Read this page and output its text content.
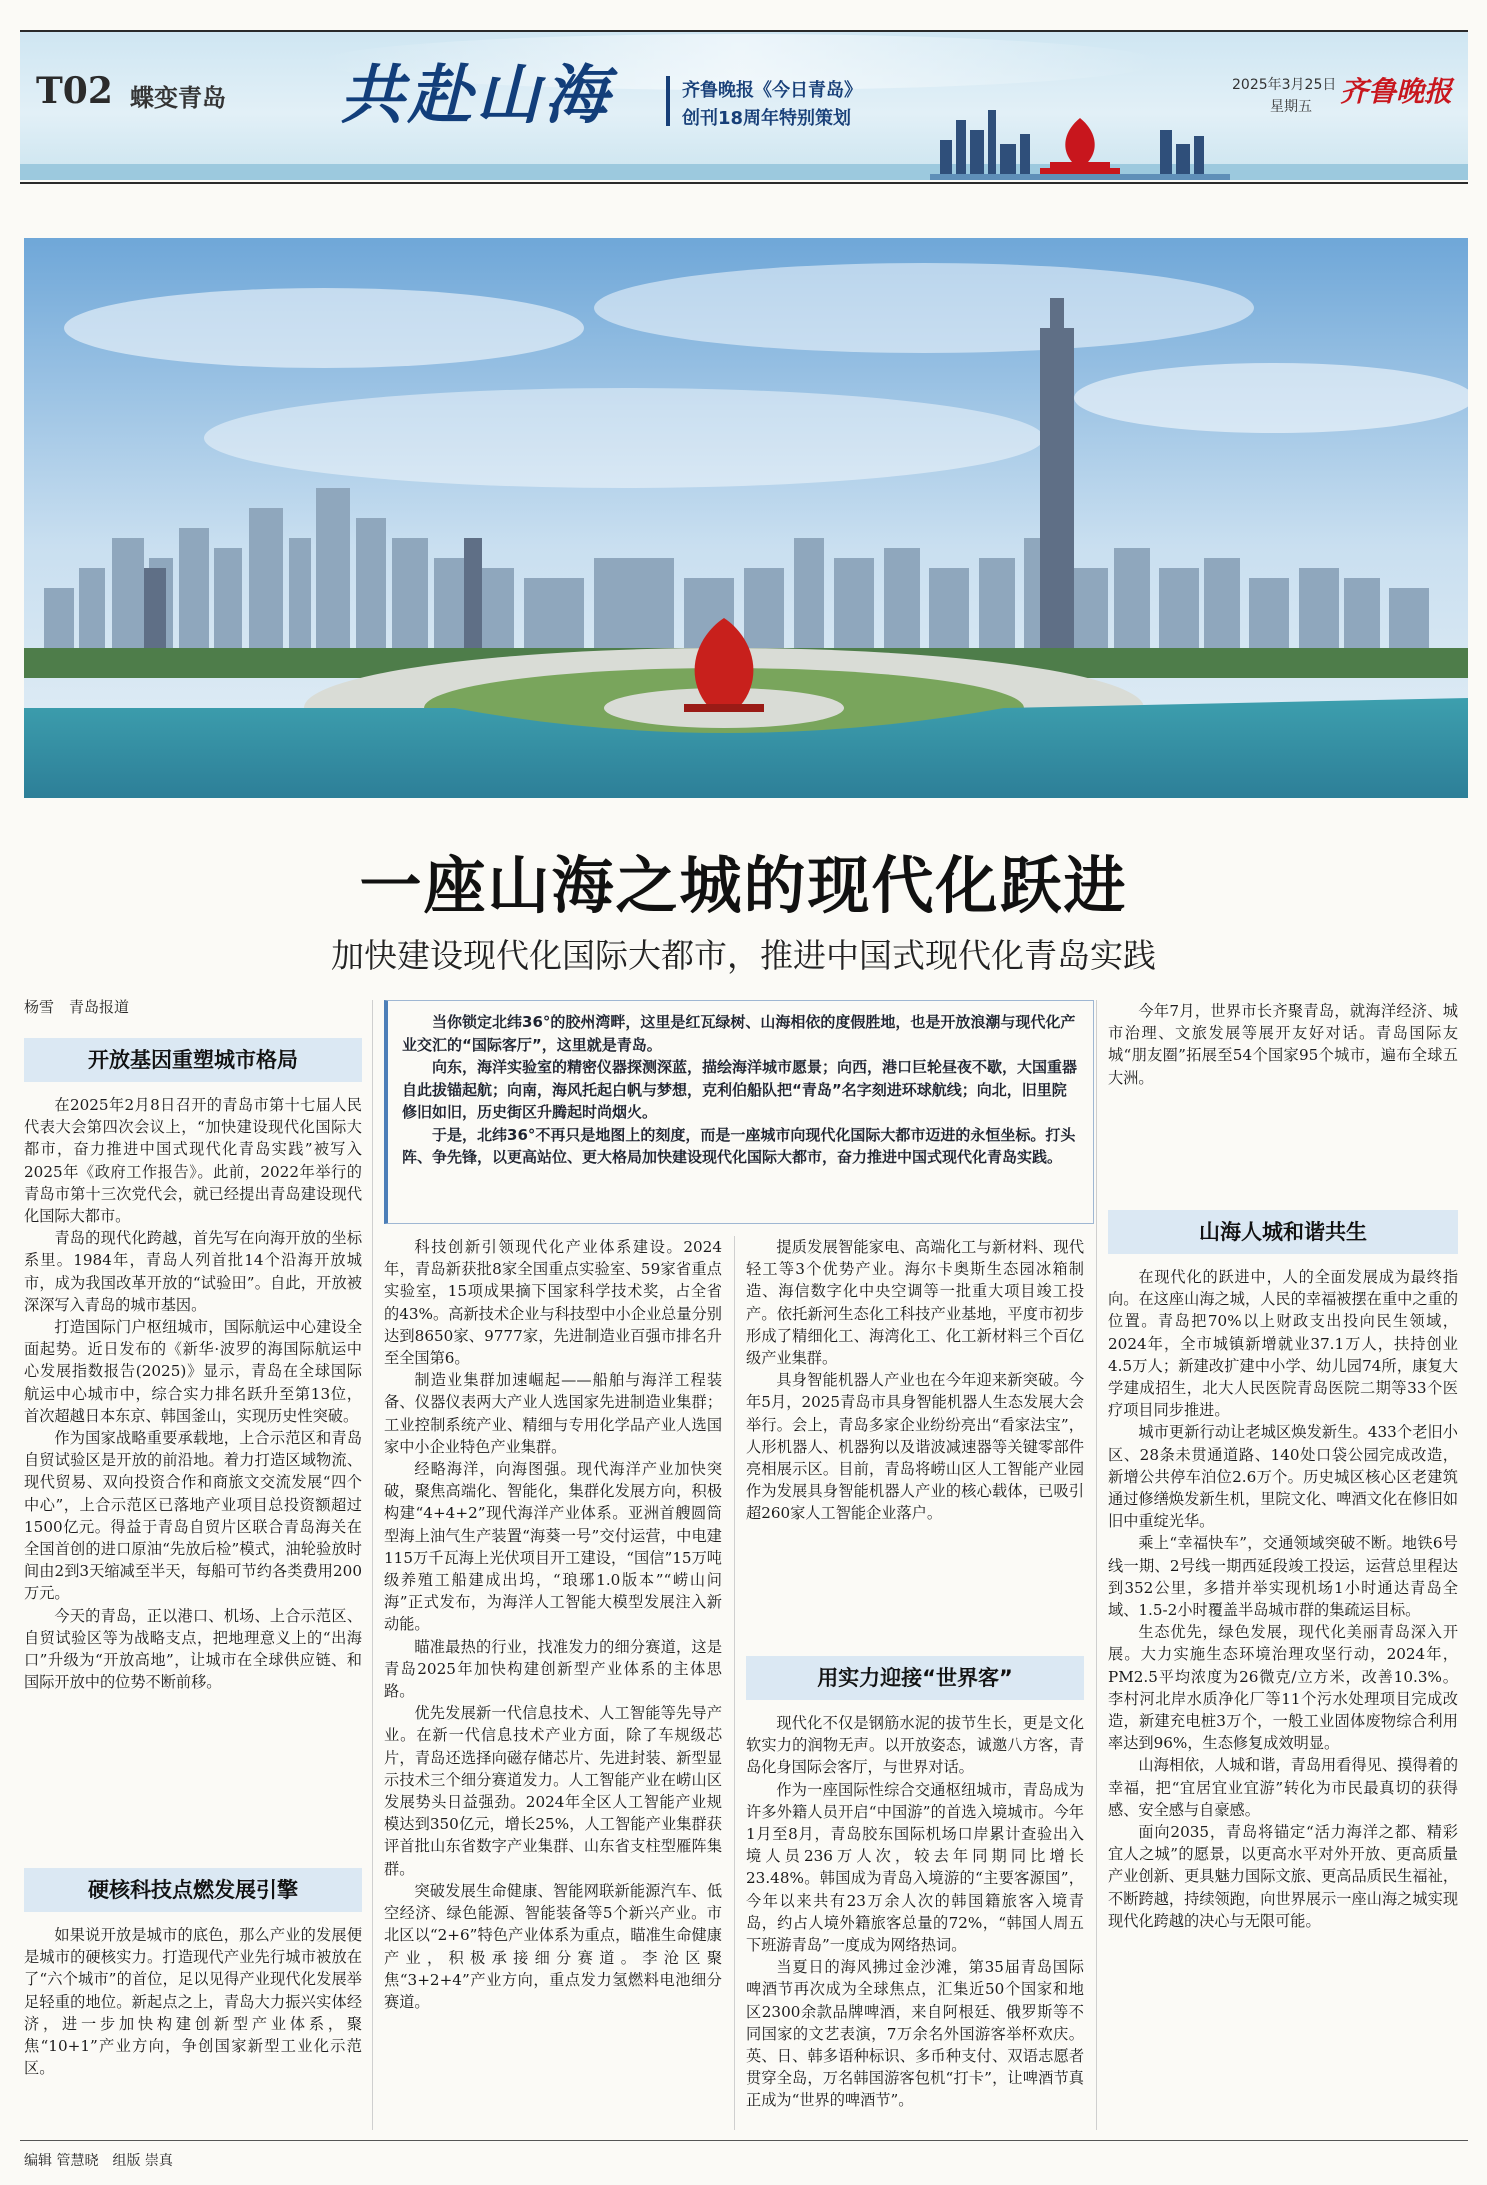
T02 蝶变青岛 共赴山海	齐鲁晚报《今日青岛》
创刊18周年特别策划
2025年3月25日
星期五 齐鲁晚报
一座山海之城的现代化跃进
加快建设现代化国际大都市，推进中国式现代化青岛实践
杨雪　青岛报道

当你锁定北纬36°的胶州湾畔，这里是红瓦绿树、山海相依的度假胜地，也是开放浪潮与现代化产业交汇的“国际客厅”，这里就是青岛。

向东，海洋实验室的精密仪器探测深蓝，描绘海洋城市愿景；向西，港口巨轮昼夜不歇，大国重器自此拔锚起航；向南，海风托起白帆与梦想，克利伯船队把“青岛”名字刻进环球航线；向北，旧里院修旧如旧，历史街区升腾起时尚烟火。

于是，北纬36°不再只是地图上的刻度，而是一座城市向现代化国际大都市迈进的永恒坐标。打头阵、争先锋，以更高站位、更大格局加快建设现代化国际大都市，奋力推进中国式现代化青岛实践。

开放基因重塑城市格局

在2025年2月8日召开的青岛市第十七届人民代表大会第四次会议上，“加快建设现代化国际大都市，奋力推进中国式现代化青岛实践”被写入2025年《政府工作报告》。此前，2022年举行的青岛市第十三次党代会，就已经提出青岛建设现代化国际大都市。

青岛的现代化跨越，首先写在向海开放的坐标系里。1984年，青岛人列首批14个沿海开放城市，成为我国改革开放的“试验田”。自此，开放被深深写入青岛的城市基因。

打造国际门户枢纽城市，国际航运中心建设全面起势。近日发布的《新华·波罗的海国际航运中心发展指数报告(2025)》显示，青岛在全球国际航运中心城市中，综合实力排名跃升至第13位，首次超越日本东京、韩国釜山，实现历史性突破。

作为国家战略重要承载地，上合示范区和青岛自贸试验区是开放的前沿地。着力打造区域物流、现代贸易、双向投资合作和商旅文交流发展“四个中心”，上合示范区已落地产业项目总投资额超过1500亿元。得益于青岛自贸片区联合青岛海关在全国首创的进口原油“先放后检”模式，油轮验放时间由2到3天缩减至半天，每船可节约各类费用200万元。

今天的青岛，正以港口、机场、上合示范区、自贸试验区等为战略支点，把地理意义上的“出海口”升级为“开放高地”，让城市在全球供应链、和国际开放中的位势不断前移。

硬核科技点燃发展引擎

如果说开放是城市的底色，那么产业的发展便是城市的硬核实力。打造现代产业先行城市被放在了“六个城市”的首位，足以见得产业现代化发展举足轻重的地位。新起点之上，青岛大力振兴实体经济，进一步加快构建创新型产业体系，聚焦“10+1”产业方向，争创国家新型工业化示范区。

科技创新引领现代化产业体系建设。2024年，青岛新获批8家全国重点实验室、59家省重点实验室，15项成果摘下国家科学技术奖，占全省的43%。高新技术企业与科技型中小企业总量分别达到8650家、9777家，先进制造业百强市排名升至全国第6。

制造业集群加速崛起——船舶与海洋工程装备、仪器仪表两大产业人选国家先进制造业集群；工业控制系统产业、精细与专用化学品产业人选国家中小企业特色产业集群。

经略海洋，向海图强。现代海洋产业加快突破，聚焦高端化、智能化，集群化发展方向，积极构建“4+4+2”现代海洋产业体系。亚洲首艘圆筒型海上油气生产装置“海葵一号”交付运营，中电建115万千瓦海上光伏项目开工建设，“国信”15万吨级养殖工船建成出坞，“琅琊1.0版本”“崂山问海”正式发布，为海洋人工智能大模型发展注入新动能。

瞄准最热的行业，找准发力的细分赛道，这是青岛2025年加快构建创新型产业体系的主体思路。

优先发展新一代信息技术、人工智能等先导产业。在新一代信息技术产业方面，除了车规级芯片，青岛还选择向磁存储芯片、先进封装、新型显示技术三个细分赛道发力。人工智能产业在崂山区发展势头日益强劲。2024年全区人工智能产业规模达到350亿元，增长25%，人工智能产业集群获评首批山东省数字产业集群、山东省支柱型雁阵集群。

突破发展生命健康、智能网联新能源汽车、低空经济、绿色能源、智能装备等5个新兴产业。市北区以“2+6”特色产业体系为重点，瞄准生命健康产业，积极承接细分赛道。李沧区聚焦“3+2+4”产业方向，重点发力氢燃料电池细分赛道。

提质发展智能家电、高端化工与新材料、现代轻工等3个优势产业。海尔卡奥斯生态园冰箱制造、海信数字化中央空调等一批重大项目竣工投产。依托新河生态化工科技产业基地，平度市初步形成了精细化工、海湾化工、化工新材料三个百亿级产业集群。

具身智能机器人产业也在今年迎来新突破。今年5月，2025青岛市具身智能机器人生态发展大会举行。会上，青岛多家企业纷纷亮出“看家法宝”，人形机器人、机器狗以及谐波减速器等关键零部件亮相展示区。目前，青岛将崂山区人工智能产业园作为发展具身智能机器人产业的核心载体，已吸引超260家人工智能企业落户。

用实力迎接“世界客”

现代化不仅是钢筋水泥的拔节生长，更是文化软实力的润物无声。以开放姿态，诚邀八方客，青岛化身国际会客厅，与世界对话。

作为一座国际性综合交通枢纽城市，青岛成为许多外籍人员开启“中国游”的首选入境城市。今年1月至8月，青岛胶东国际机场口岸累计查验出入境人员236万人次，较去年同期同比增长23.48%。韩国成为青岛入境游的“主要客源国”，今年以来共有23万余人次的韩国籍旅客入境青岛，约占人境外籍旅客总量的72%，“韩国人周五下班游青岛”一度成为网络热词。

当夏日的海风拂过金沙滩，第35届青岛国际啤酒节再次成为全球焦点，汇集近50个国家和地区2300余款品牌啤酒，来自阿根廷、俄罗斯等不同国家的文艺表演，7万余名外国游客举杯欢庆。英、日、韩多语种标识、多币种支付、双语志愿者贯穿全岛，万名韩国游客包机“打卡”，让啤酒节真正成为“世界的啤酒节”。

今年7月，世界市长齐聚青岛，就海洋经济、城市治理、文旅发展等展开友好对话。青岛国际友城“朋友圈”拓展至54个国家95个城市，遍布全球五大洲。

山海人城和谐共生

在现代化的跃进中，人的全面发展成为最终指向。在这座山海之城，人民的幸福被摆在重中之重的位置。青岛把70%以上财政支出投向民生领域，2024年，全市城镇新增就业37.1万人，扶持创业4.5万人；新建改扩建中小学、幼儿园74所，康复大学建成招生，北大人民医院青岛医院二期等33个医疗项目同步推进。

城市更新行动让老城区焕发新生。433个老旧小区、28条未贯通道路、140处口袋公园完成改造，新增公共停车泊位2.6万个。历史城区核心区老建筑通过修缮焕发新生机，里院文化、啤酒文化在修旧如旧中重绽光华。

乘上“幸福快车”，交通领域突破不断。地铁6号线一期、2号线一期西延段竣工投运，运营总里程达到352公里，多措并举实现机场1小时通达青岛全域、1.5-2小时覆盖半岛城市群的集疏运目标。

生态优先，绿色发展，现代化美丽青岛深入开展。大力实施生态环境治理攻坚行动，2024年，PM2.5平均浓度为26微克/立方米，改善10.3%。李村河北岸水质净化厂等11个污水处理项目完成改造，新建充电桩3万个，一般工业固体废物综合利用率达到96%，生态修复成效明显。

山海相依，人城和谐，青岛用看得见、摸得着的幸福，把“宜居宜业宜游”转化为市民最真切的获得感、安全感与自豪感。

面向2035，青岛将锚定“活力海洋之都、精彩宜人之城”的愿景，以更高水平对外开放、更高质量产业创新、更具魅力国际文旅、更高品质民生福祉，不断跨越，持续领跑，向世界展示一座山海之城实现现代化跨越的决心与无限可能。

编辑 管慧晓　组版 崇真
